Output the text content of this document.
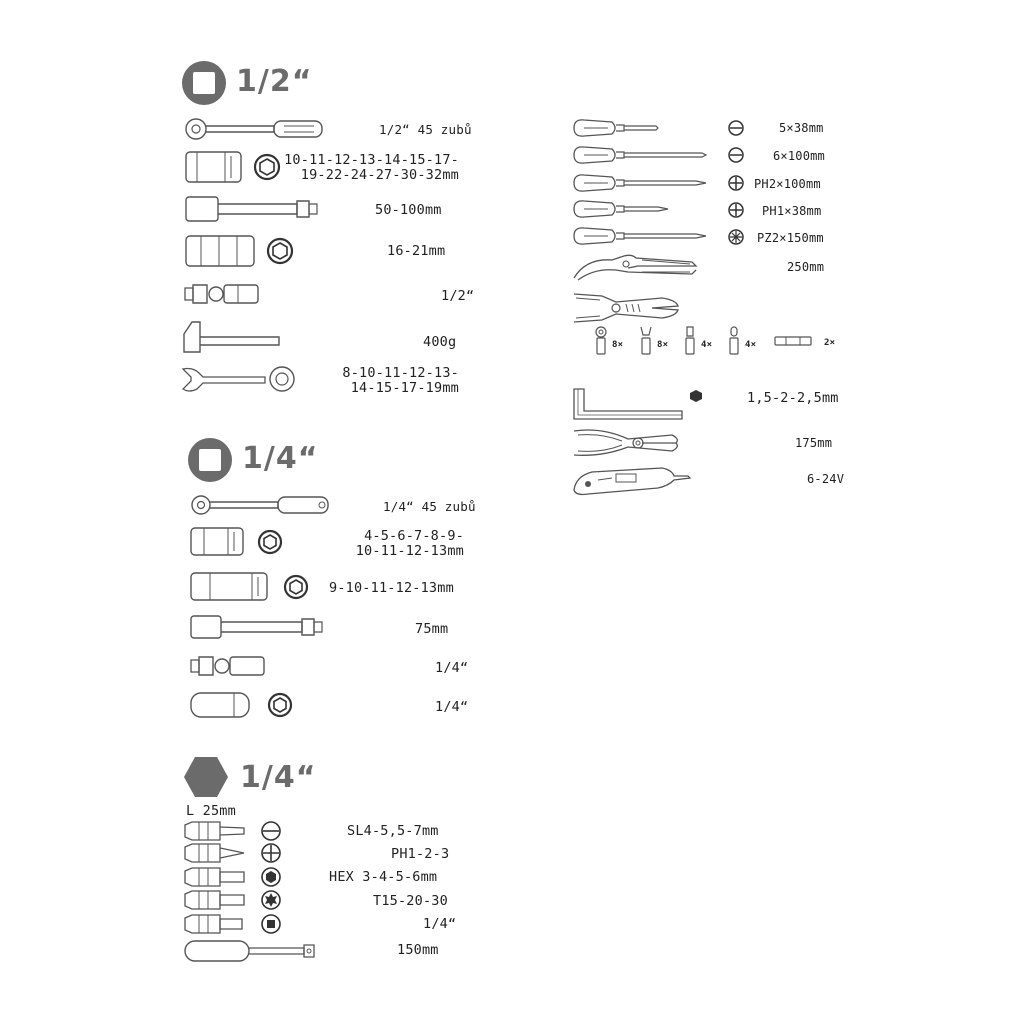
1/2“
1/2“ 45 zubů
10-11-12-13-14-15-17-
19-22-24-27-30-32mm
50-100mm
16-21mm
1/2“
400g
8-10-11-12-13-
14-15-17-19mm
1/4“
1/4“ 45 zubů
4-5-6-7-8-9-
10-11-12-13mm
9-10-11-12-13mm
75mm
1/4“
1/4“
1/4“
L 25mm
SL4-5,5-7mm
PH1-2-3
HEX 3-4-5-6mm
T15-20-30
1/4“
150mm
5×38mm
6×100mm
PH2×100mm
PH1×38mm
PZ2×150mm
250mm
8×	8×	4×	4×	2×
1,5-2-2,5mm
175mm
6-24V
